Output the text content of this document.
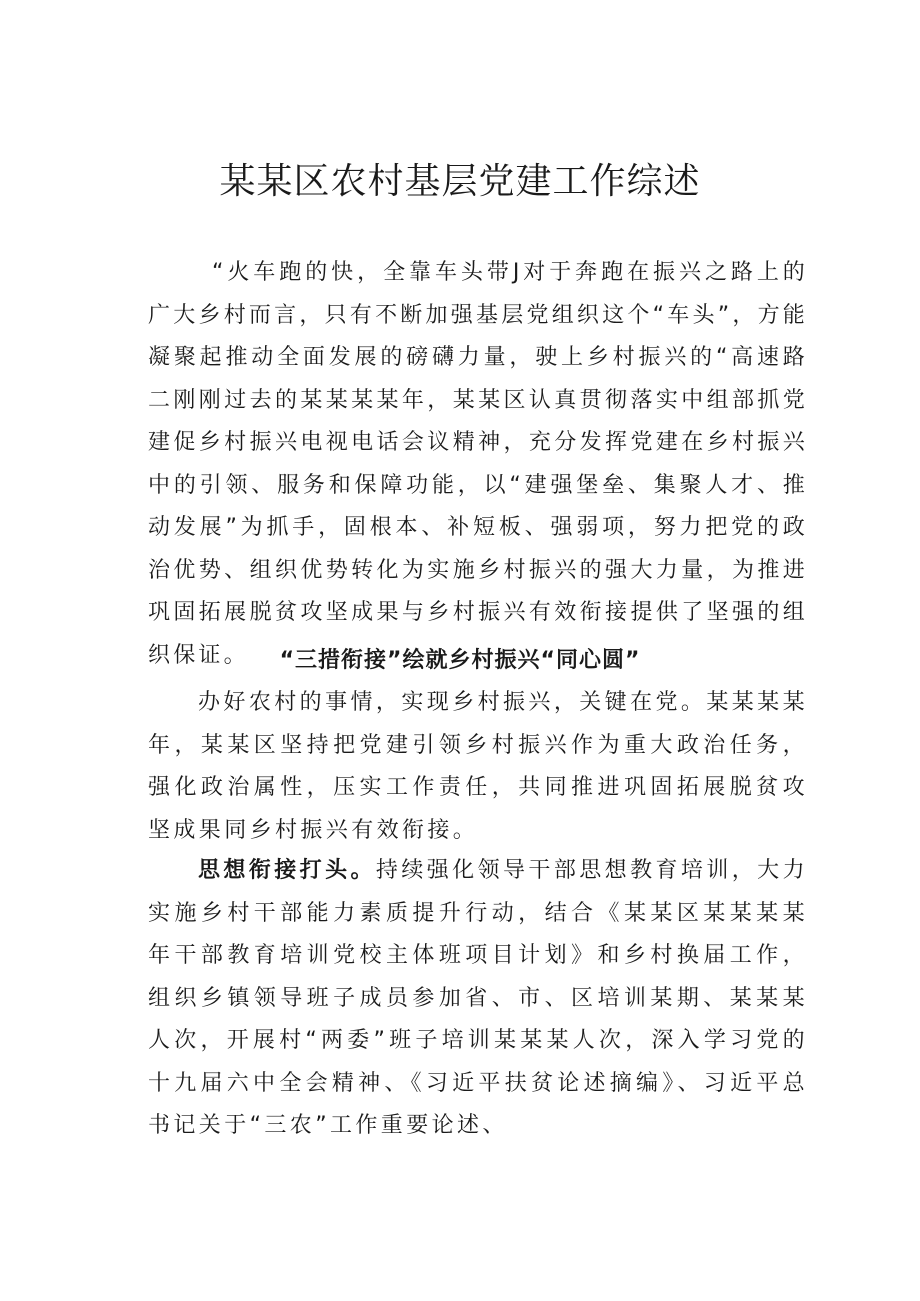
某某区农村基层党建工作综述

“火车跑的快，全靠车头带J对于奔跑在振兴之路上的广大乡村而言，只有不断加强基层党组织这个“车头”，方能凝聚起推动全面发展的磅礴力量，驶上乡村振兴的“高速路二刚刚过去的某某某某年，某某区认真贯彻落实中组部抓党建促乡村振兴电视电话会议精神，充分发挥党建在乡村振兴中的引领、服务和保障功能，以“建强堡垒、集聚人才、推动发展”为抓手，固根本、补短板、强弱项，努力把党的政治优势、组织优势转化为实施乡村振兴的强大力量，为推进巩固拓展脱贫攻坚成果与乡村振兴有效衔接提供了坚强的组织保证。	“三措衔接”绘就乡村振兴“同心圆”

办好农村的事情，实现乡村振兴，关键在党。某某某某年，某某区坚持把党建引领乡村振兴作为重大政治任务，强化政治属性，压实工作责任，共同推进巩固拓展脱贫攻坚成果同乡村振兴有效衔接。

思想衔接打头。持续强化领导干部思想教育培训，大力实施乡村干部能力素质提升行动，结合《某某区某某某某年干部教育培训党校主体班项目计划》和乡村换届工作，组织乡镇领导班子成员参加省、市、区培训某期、某某某人次，开展村“两委”班子培训某某某人次，深入学习党的十九届六中全会精神、《习近平扶贫论述摘编》、习近平总书记关于“三农”工作重要论述、
